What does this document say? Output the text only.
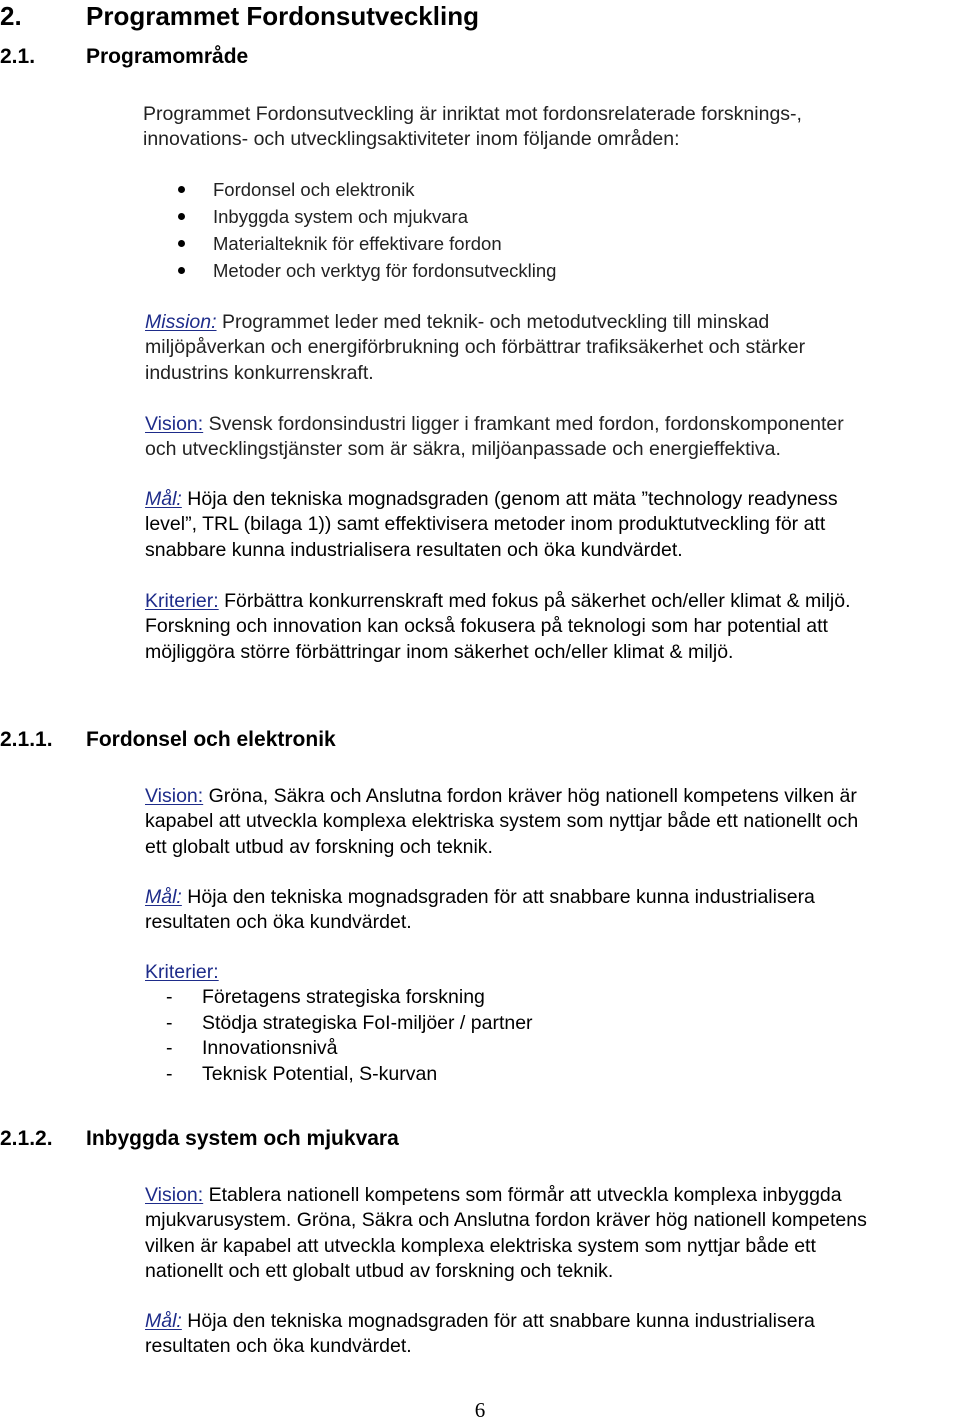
2. Programmet Fordonsutveckling
2.1. Programområde

Programmet Fordonsutveckling är inriktat mot fordonsrelaterade forsknings-,
innovations- och utvecklingsaktiviteter inom följande områden:

Fordonsel och elektronik
Inbyggda system och mjukvara
Materialteknik för effektivare fordon
Metoder och verktyg för fordonsutveckling

Mission: Programmet leder med teknik- och metodutveckling till minskad
miljöpåverkan och energiförbrukning och förbättrar trafiksäkerhet och stärker
industrins konkurrenskraft.

Vision: Svensk fordonsindustri ligger i framkant med fordon, fordonskomponenter
och utvecklingstjänster som är säkra, miljöanpassade och energieffektiva.

Mål: Höja den tekniska mognadsgraden (genom att mäta ”technology readyness
level”, TRL (bilaga 1)) samt effektivisera metoder inom produktutveckling för att
snabbare kunna industrialisera resultaten och öka kundvärdet.

Kriterier: Förbättra konkurrenskraft med fokus på säkerhet och/eller klimat & miljö.
Forskning och innovation kan också fokusera på teknologi som har potential att
möjliggöra större förbättringar inom säkerhet och/eller klimat & miljö.

2.1.1. Fordonsel och elektronik

Vision: Gröna, Säkra och Anslutna fordon kräver hög nationell kompetens vilken är
kapabel att utveckla komplexa elektriska system som nyttjar både ett nationellt och
ett globalt utbud av forskning och teknik.

Mål: Höja den tekniska mognadsgraden för att snabbare kunna industrialisera
resultaten och öka kundvärdet.

Kriterier:

- Företagens strategiska forskning
- Stödja strategiska FoI-miljöer / partner
- Innovationsnivå
- Teknisk Potential, S-kurvan
2.1.2. Inbyggda system och mjukvara

Vision: Etablera nationell kompetens som förmår att utveckla komplexa inbyggda
mjukvarusystem. Gröna, Säkra och Anslutna fordon kräver hög nationell kompetens
vilken är kapabel att utveckla komplexa elektriska system som nyttjar både ett
nationellt och ett globalt utbud av forskning och teknik.

Mål: Höja den tekniska mognadsgraden för att snabbare kunna industrialisera
resultaten och öka kundvärdet.

6
